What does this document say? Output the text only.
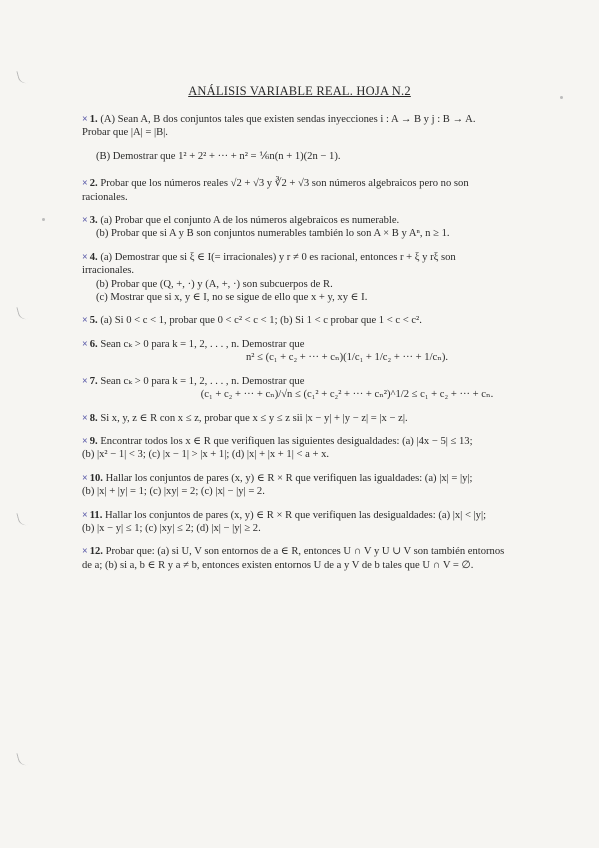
ANÁLISIS VARIABLE REAL. HOJA N.2
× 1. (A) Sean A, B dos conjuntos tales que existen sendas inyecciones i : A → B y j : B → A.
Probar que |A| = |B|.
(B) Demostrar que 1² + 2² + ··· + n² = ⅙n(n + 1)(2n − 1).
× 2. Probar que los números reales √2 + √3 y ∛2 + √3 son números algebraicos pero no son
racionales.
× 3. (a) Probar que el conjunto A de los números algebraicos es numerable.
(b) Probar que si A y B son conjuntos numerables también lo son A × B y Aⁿ, n ≥ 1.
× 4. (a) Demostrar que si ξ ∈ I(= irracionales) y r ≠ 0 es racional, entonces r + ξ y rξ son
irracionales.
(b) Probar que (Q, +, ·) y (A, +, ·) son subcuerpos de R.
(c) Mostrar que si x, y ∈ I, no se sigue de ello que x + y, xy ∈ I.
× 5. (a) Si 0 < c < 1, probar que 0 < c² < c < 1; (b) Si 1 < c probar que 1 < c < c².
× 6. Sean cₖ > 0 para k = 1, 2, . . . , n. Demostrar que
n² ≤ (c₁ + c₂ + ··· + cₙ)(1/c₁ + 1/c₂ + ··· + 1/cₙ).
× 7. Sean cₖ > 0 para k = 1, 2, . . . , n. Demostrar que
(c₁ + c₂ + ··· + cₙ)/√n ≤ (c₁² + c₂² + ··· + cₙ²)^1/2 ≤ c₁ + c₂ + ··· + cₙ.
× 8. Si x, y, z ∈ R con x ≤ z, probar que x ≤ y ≤ z sii |x − y| + |y − z| = |x − z|.
× 9. Encontrar todos los x ∈ R que verifiquen las siguientes desigualdades: (a) |4x − 5| ≤ 13;
(b) |x² − 1| < 3; (c) |x − 1| > |x + 1|; (d) |x| + |x + 1| < a + x.
× 10. Hallar los conjuntos de pares (x, y) ∈ R × R que verifiquen las igualdades: (a) |x| = |y|;
(b) |x| + |y| = 1; (c) |xy| = 2; (c) |x| − |y| = 2.
× 11. Hallar los conjuntos de pares (x, y) ∈ R × R que verifiquen las desigualdades: (a) |x| < |y|;
(b) |x − y| ≤ 1; (c) |xy| ≤ 2; (d) |x| − |y| ≥ 2.
× 12. Probar que: (a) si U, V son entornos de a ∈ R, entonces U ∩ V y U ∪ V son también entornos
de a; (b) si a, b ∈ R y a ≠ b, entonces existen entornos U de a y V de b tales que U ∩ V = ∅.
